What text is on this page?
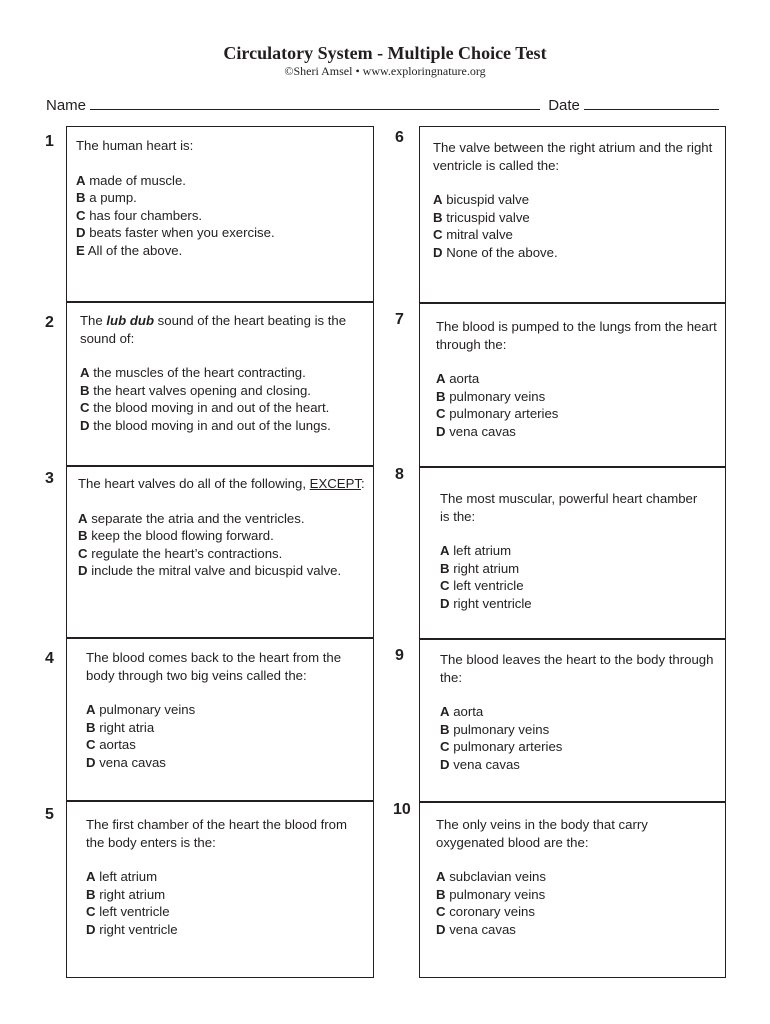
Circulatory System - Multiple Choice Test
©Sheri Amsel • www.exploringnature.org
Name	Date
1
2
3
4
5
6
7
8
9
10
The human heart is:
A made of muscle.
B a pump.
C has four chambers.
D beats faster when you exercise.
E All of the above.
The lub dub sound of the heart beating is the sound of:
A the muscles of the heart contracting.
B the heart valves opening and closing.
C the blood moving in and out of the heart.
D the blood moving in and out of the lungs.
The heart valves do all of the following, EXCEPT:
A separate the atria and the ventricles.
B keep the blood flowing forward.
C regulate the heart’s contractions.
D include the mitral valve and bicuspid valve.
The blood comes back to the heart from the body through two big veins called the:
A pulmonary veins
B right atria
C aortas
D vena cavas
The first chamber of the heart the blood from the body enters is the:
A left atrium
B right atrium
C left ventricle
D right ventricle
The valve between the right atrium and the right ventricle is called the:
A bicuspid valve
B tricuspid valve
C mitral valve
D None of the above.
The blood is pumped to the lungs from the heart through the:
A aorta
B pulmonary veins
C pulmonary arteries
D vena cavas
The most muscular, powerful heart chamber is the:
A left atrium
B right atrium
C left ventricle
D right ventricle
The blood leaves the heart to the body through the:
A aorta
B pulmonary veins
C pulmonary arteries
D vena cavas
The only veins in the body that carry oxygenated blood are the:
A subclavian veins
B pulmonary veins
C coronary veins
D vena cavas
